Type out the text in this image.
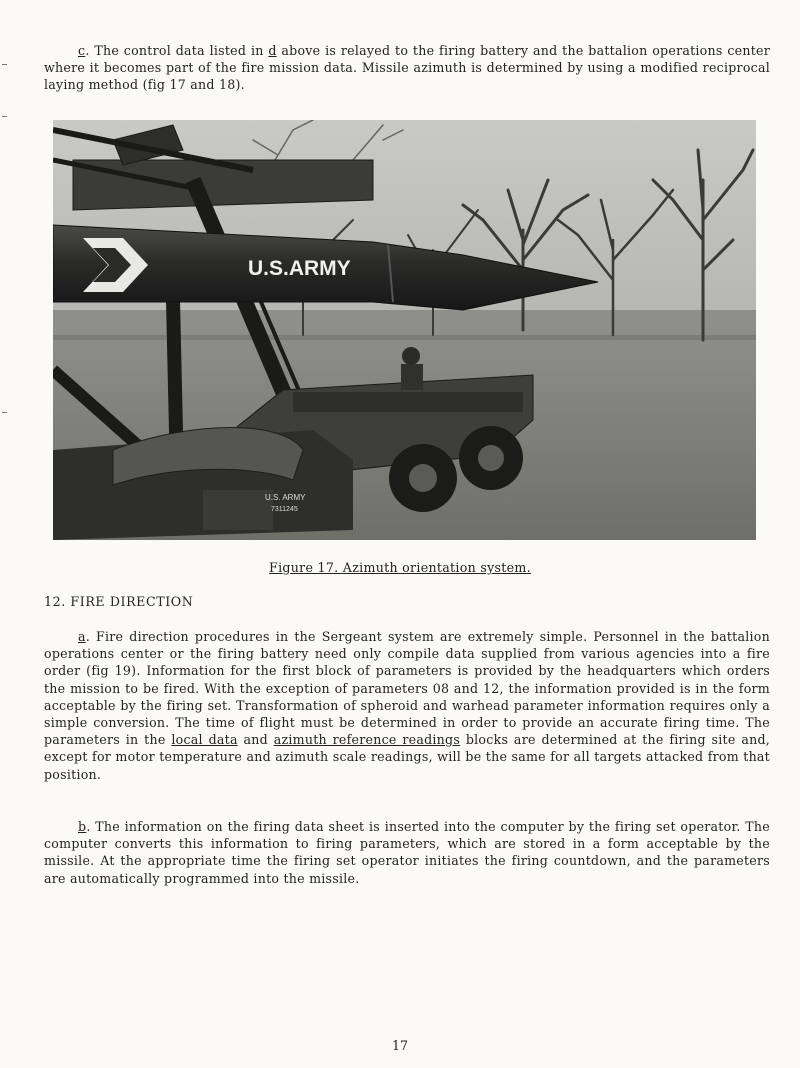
c. The control data listed in d above is relayed to the firing battery and the battalion operations center where it becomes part of the fire mission data. Missile azimuth is determined by using a modified reciprocal laying method (fig 17 and 18).

U.S.ARMY
U.S. ARMY
7311245
Figure 17. Azimuth orientation system.
12. FIRE DIRECTION

a. Fire direction procedures in the Sergeant system are extremely simple. Personnel in the battalion operations center or the firing battery need only compile data supplied from various agencies into a fire order (fig 19). Information for the first block of parameters is provided by the headquarters which orders the mission to be fired. With the exception of parameters 08 and 12, the information provided is in the form acceptable by the firing set. Transformation of spheroid and warhead parameter information requires only a simple conversion. The time of flight must be determined in order to provide an accurate firing time. The parameters in the local data and azimuth reference readings blocks are determined at the firing site and, except for motor temperature and azimuth scale readings, will be the same for all targets attacked from that position.

b. The information on the firing data sheet is inserted into the computer by the firing set operator. The computer converts this information to firing parameters, which are stored in a form acceptable by the missile. At the appropriate time the firing set operator initiates the firing countdown, and the parameters are automatically programmed into the missile.

17
